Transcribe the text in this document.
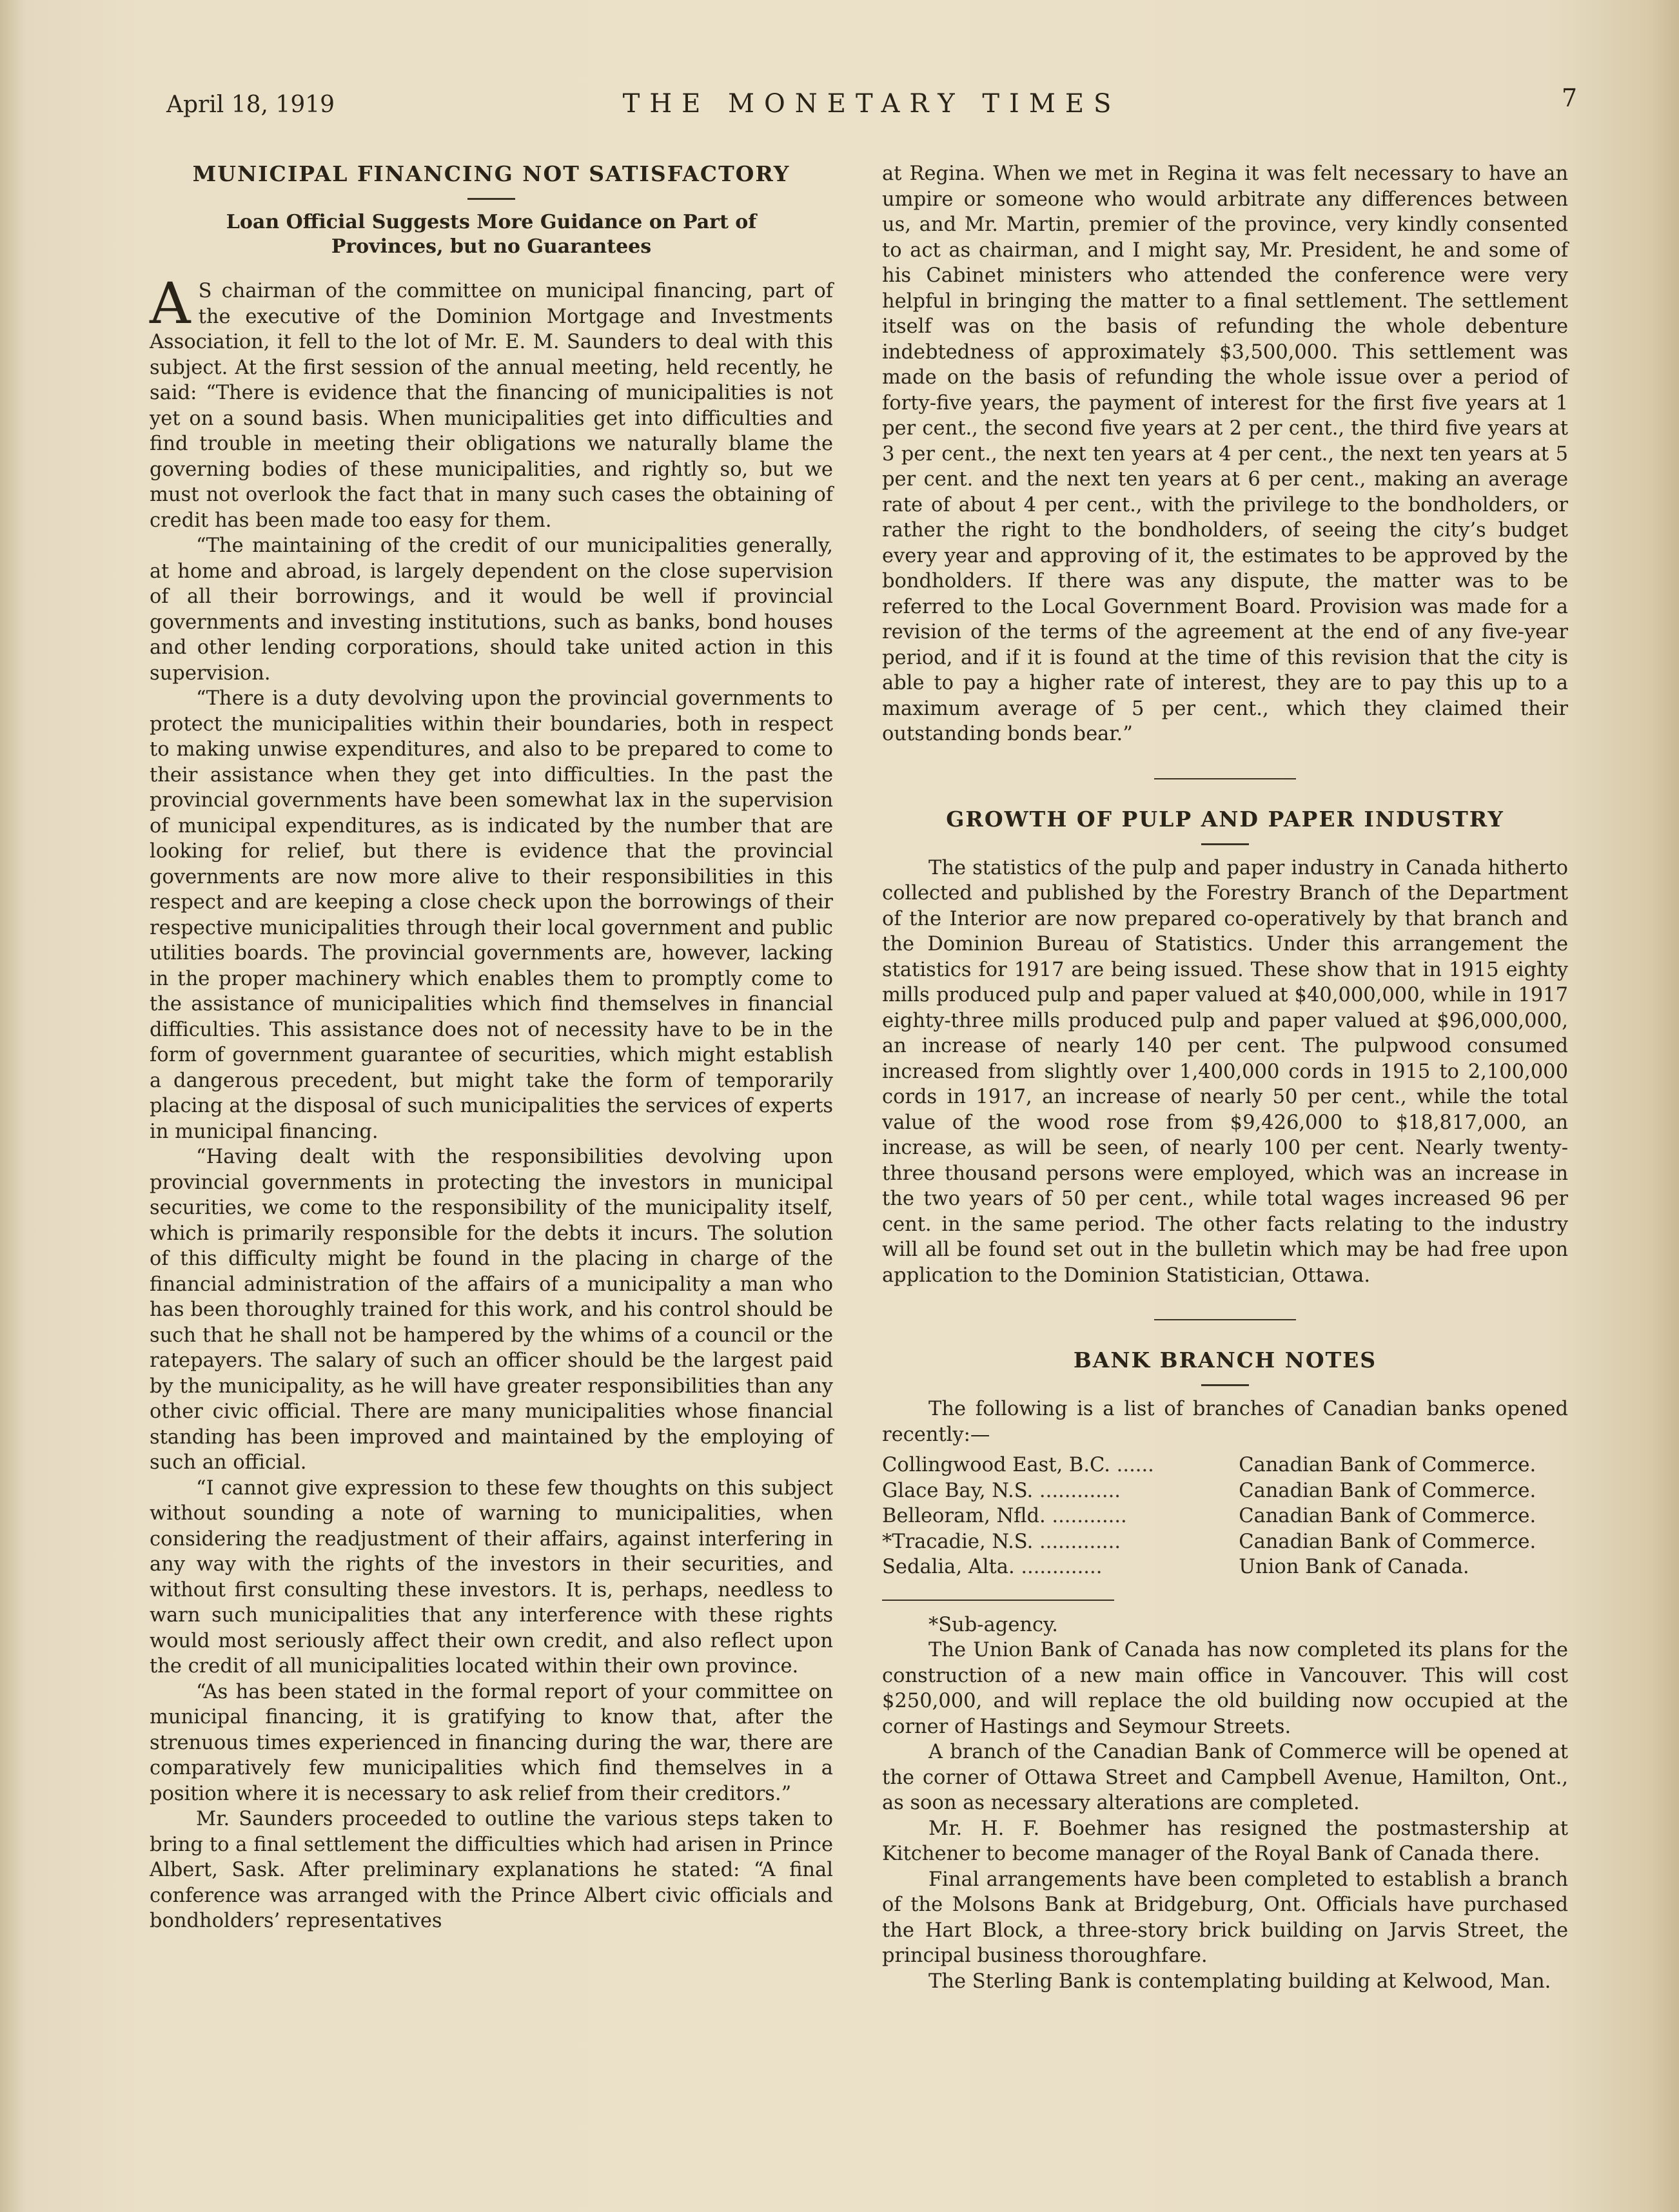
April 18, 1919	THE MONETARY TIMES	7
MUNICIPAL FINANCING NOT SATISFACTORY
Loan Official Suggests More Guidance on Part of Provinces, but no Guarantees

A S chairman of the committee on municipal financing, part of the executive of the Dominion Mortgage and Investments Association, it fell to the lot of Mr. E. M. Saunders to deal with this subject. At the first session of the annual meeting, held recently, he said: “There is evidence that the financing of municipalities is not yet on a sound basis. When municipalities get into difficulties and find trouble in meeting their obligations we naturally blame the governing bodies of these municipalities, and rightly so, but we must not overlook the fact that in many such cases the obtaining of credit has been made too easy for them.

“The maintaining of the credit of our municipalities generally, at home and abroad, is largely dependent on the close supervision of all their borrowings, and it would be well if provincial governments and investing institutions, such as banks, bond houses and other lending corporations, should take united action in this supervision.

“There is a duty devolving upon the provincial governments to protect the municipalities within their boundaries, both in respect to making unwise expenditures, and also to be prepared to come to their assistance when they get into difficulties. In the past the provincial governments have been somewhat lax in the supervision of municipal expenditures, as is indicated by the number that are looking for relief, but there is evidence that the provincial governments are now more alive to their responsibilities in this respect and are keeping a close check upon the borrowings of their respective municipalities through their local government and public utilities boards. The provincial governments are, however, lacking in the proper machinery which enables them to promptly come to the assistance of municipalities which find themselves in financial difficulties. This assistance does not of necessity have to be in the form of government guarantee of securities, which might establish a dangerous precedent, but might take the form of temporarily placing at the disposal of such municipalities the services of experts in municipal financing.

“Having dealt with the responsibilities devolving upon provincial governments in protecting the investors in municipal securities, we come to the responsibility of the municipality itself, which is primarily responsible for the debts it incurs. The solution of this difficulty might be found in the placing in charge of the financial administration of the affairs of a municipality a man who has been thoroughly trained for this work, and his control should be such that he shall not be hampered by the whims of a council or the ratepayers. The salary of such an officer should be the largest paid by the municipality, as he will have greater responsibilities than any other civic official. There are many municipalities whose financial standing has been improved and maintained by the employing of such an official.

“I cannot give expression to these few thoughts on this subject without sounding a note of warning to municipalities, when considering the readjustment of their affairs, against interfering in any way with the rights of the investors in their securities, and without first consulting these investors. It is, perhaps, needless to warn such municipalities that any interference with these rights would most seriously affect their own credit, and also reflect upon the credit of all municipalities located within their own province.

“As has been stated in the formal report of your committee on municipal financing, it is gratifying to know that, after the strenuous times experienced in financing during the war, there are comparatively few municipalities which find themselves in a position where it is necessary to ask relief from their creditors.”

Mr. Saunders proceeded to outline the various steps taken to bring to a final settlement the difficulties which had arisen in Prince Albert, Sask. After preliminary explanations he stated: “A final conference was arranged with the Prince Albert civic officials and bondholders’ representatives

at Regina. When we met in Regina it was felt necessary to have an umpire or someone who would arbitrate any differences between us, and Mr. Martin, premier of the province, very kindly consented to act as chairman, and I might say, Mr. President, he and some of his Cabinet ministers who attended the conference were very helpful in bringing the matter to a final settlement. The settlement itself was on the basis of refunding the whole debenture indebtedness of approximately $3,500,000. This settlement was made on the basis of refunding the whole issue over a period of forty-five years, the payment of interest for the first five years at 1 per cent., the second five years at 2 per cent., the third five years at 3 per cent., the next ten years at 4 per cent., the next ten years at 5 per cent. and the next ten years at 6 per cent., making an average rate of about 4 per cent., with the privilege to the bondholders, or rather the right to the bondholders, of seeing the city’s budget every year and approving of it, the estimates to be approved by the bondholders. If there was any dispute, the matter was to be referred to the Local Government Board. Provision was made for a revision of the terms of the agreement at the end of any five-year period, and if it is found at the time of this revision that the city is able to pay a higher rate of interest, they are to pay this up to a maximum average of 5 per cent., which they claimed their outstanding bonds bear.”

GROWTH OF PULP AND PAPER INDUSTRY

The statistics of the pulp and paper industry in Canada hitherto collected and published by the Forestry Branch of the Department of the Interior are now prepared co-operatively by that branch and the Dominion Bureau of Statistics. Under this arrangement the statistics for 1917 are being issued. These show that in 1915 eighty mills produced pulp and paper valued at $40,000,000, while in 1917 eighty-three mills produced pulp and paper valued at $96,000,000, an increase of nearly 140 per cent. The pulpwood consumed increased from slightly over 1,400,000 cords in 1915 to 2,100,000 cords in 1917, an increase of nearly 50 per cent., while the total value of the wood rose from $9,426,000 to $18,817,000, an increase, as will be seen, of nearly 100 per cent. Nearly twenty-three thousand persons were employed, which was an increase in the two years of 50 per cent., while total wages increased 96 per cent. in the same period. The other facts relating to the industry will all be found set out in the bulletin which may be had free upon application to the Dominion Statistician, Ottawa.

BANK BRANCH NOTES

The following is a list of branches of Canadian banks opened recently:—

Collingwood East, B.C. ......	Canadian Bank of Commerce.
Glace Bay, N.S. .............	Canadian Bank of Commerce.
Belleoram, Nfld. ............	Canadian Bank of Commerce.
*Tracadie, N.S. .............	Canadian Bank of Commerce.
Sedalia, Alta. .............	Union Bank of Canada.

*Sub-agency.

The Union Bank of Canada has now completed its plans for the construction of a new main office in Vancouver. This will cost $250,000, and will replace the old building now occupied at the corner of Hastings and Seymour Streets.

A branch of the Canadian Bank of Commerce will be opened at the corner of Ottawa Street and Campbell Avenue, Hamilton, Ont., as soon as necessary alterations are completed.

Mr. H. F. Boehmer has resigned the postmastership at Kitchener to become manager of the Royal Bank of Canada there.

Final arrangements have been completed to establish a branch of the Molsons Bank at Bridgeburg, Ont. Officials have purchased the Hart Block, a three-story brick building on Jarvis Street, the principal business thoroughfare.

The Sterling Bank is contemplating building at Kelwood, Man.
